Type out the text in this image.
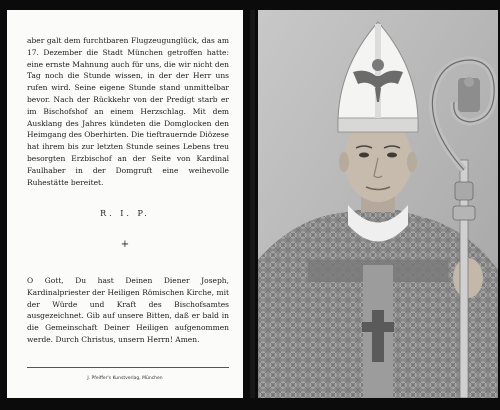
aber galt dem furchtbaren Flugzeugunglück, das am 17. Dezember die Stadt München getroffen hatte: eine ernste Mahnung auch für uns, die wir nicht den Tag noch die Stunde wissen, in der der Herr uns rufen wird. Seine eigene Stunde stand unmittelbar bevor. Nach der Rückkehr von der Predigt starb er im Bischofshof an einem Herzschlag. Mit dem Ausklang des Jahres kündeten die Domglocken den Heimgang des Oberhirten. Die tieftrauernde Diözese hat ihrem bis zur letzten Stunde seines Lebens treu besorgten Erzbischof an der Seite von Kardinal Faulhaber in der Domgruft eine weihevolle Ruhestätte bereitet.

R. I. P.
+

O Gott, Du hast Deinen Diener Joseph, Kardinalpriester der Heiligen Römischen Kirche, mit der Würde und Kraft des Bischofsamtes ausgezeichnet. Gib auf unsere Bitten, daß er bald in die Gemeinschaft Deiner Heiligen aufgenommen werde. Durch Christus, unsern Herrn! Amen.

J. Pfeiffer's Kunstverlag, München
